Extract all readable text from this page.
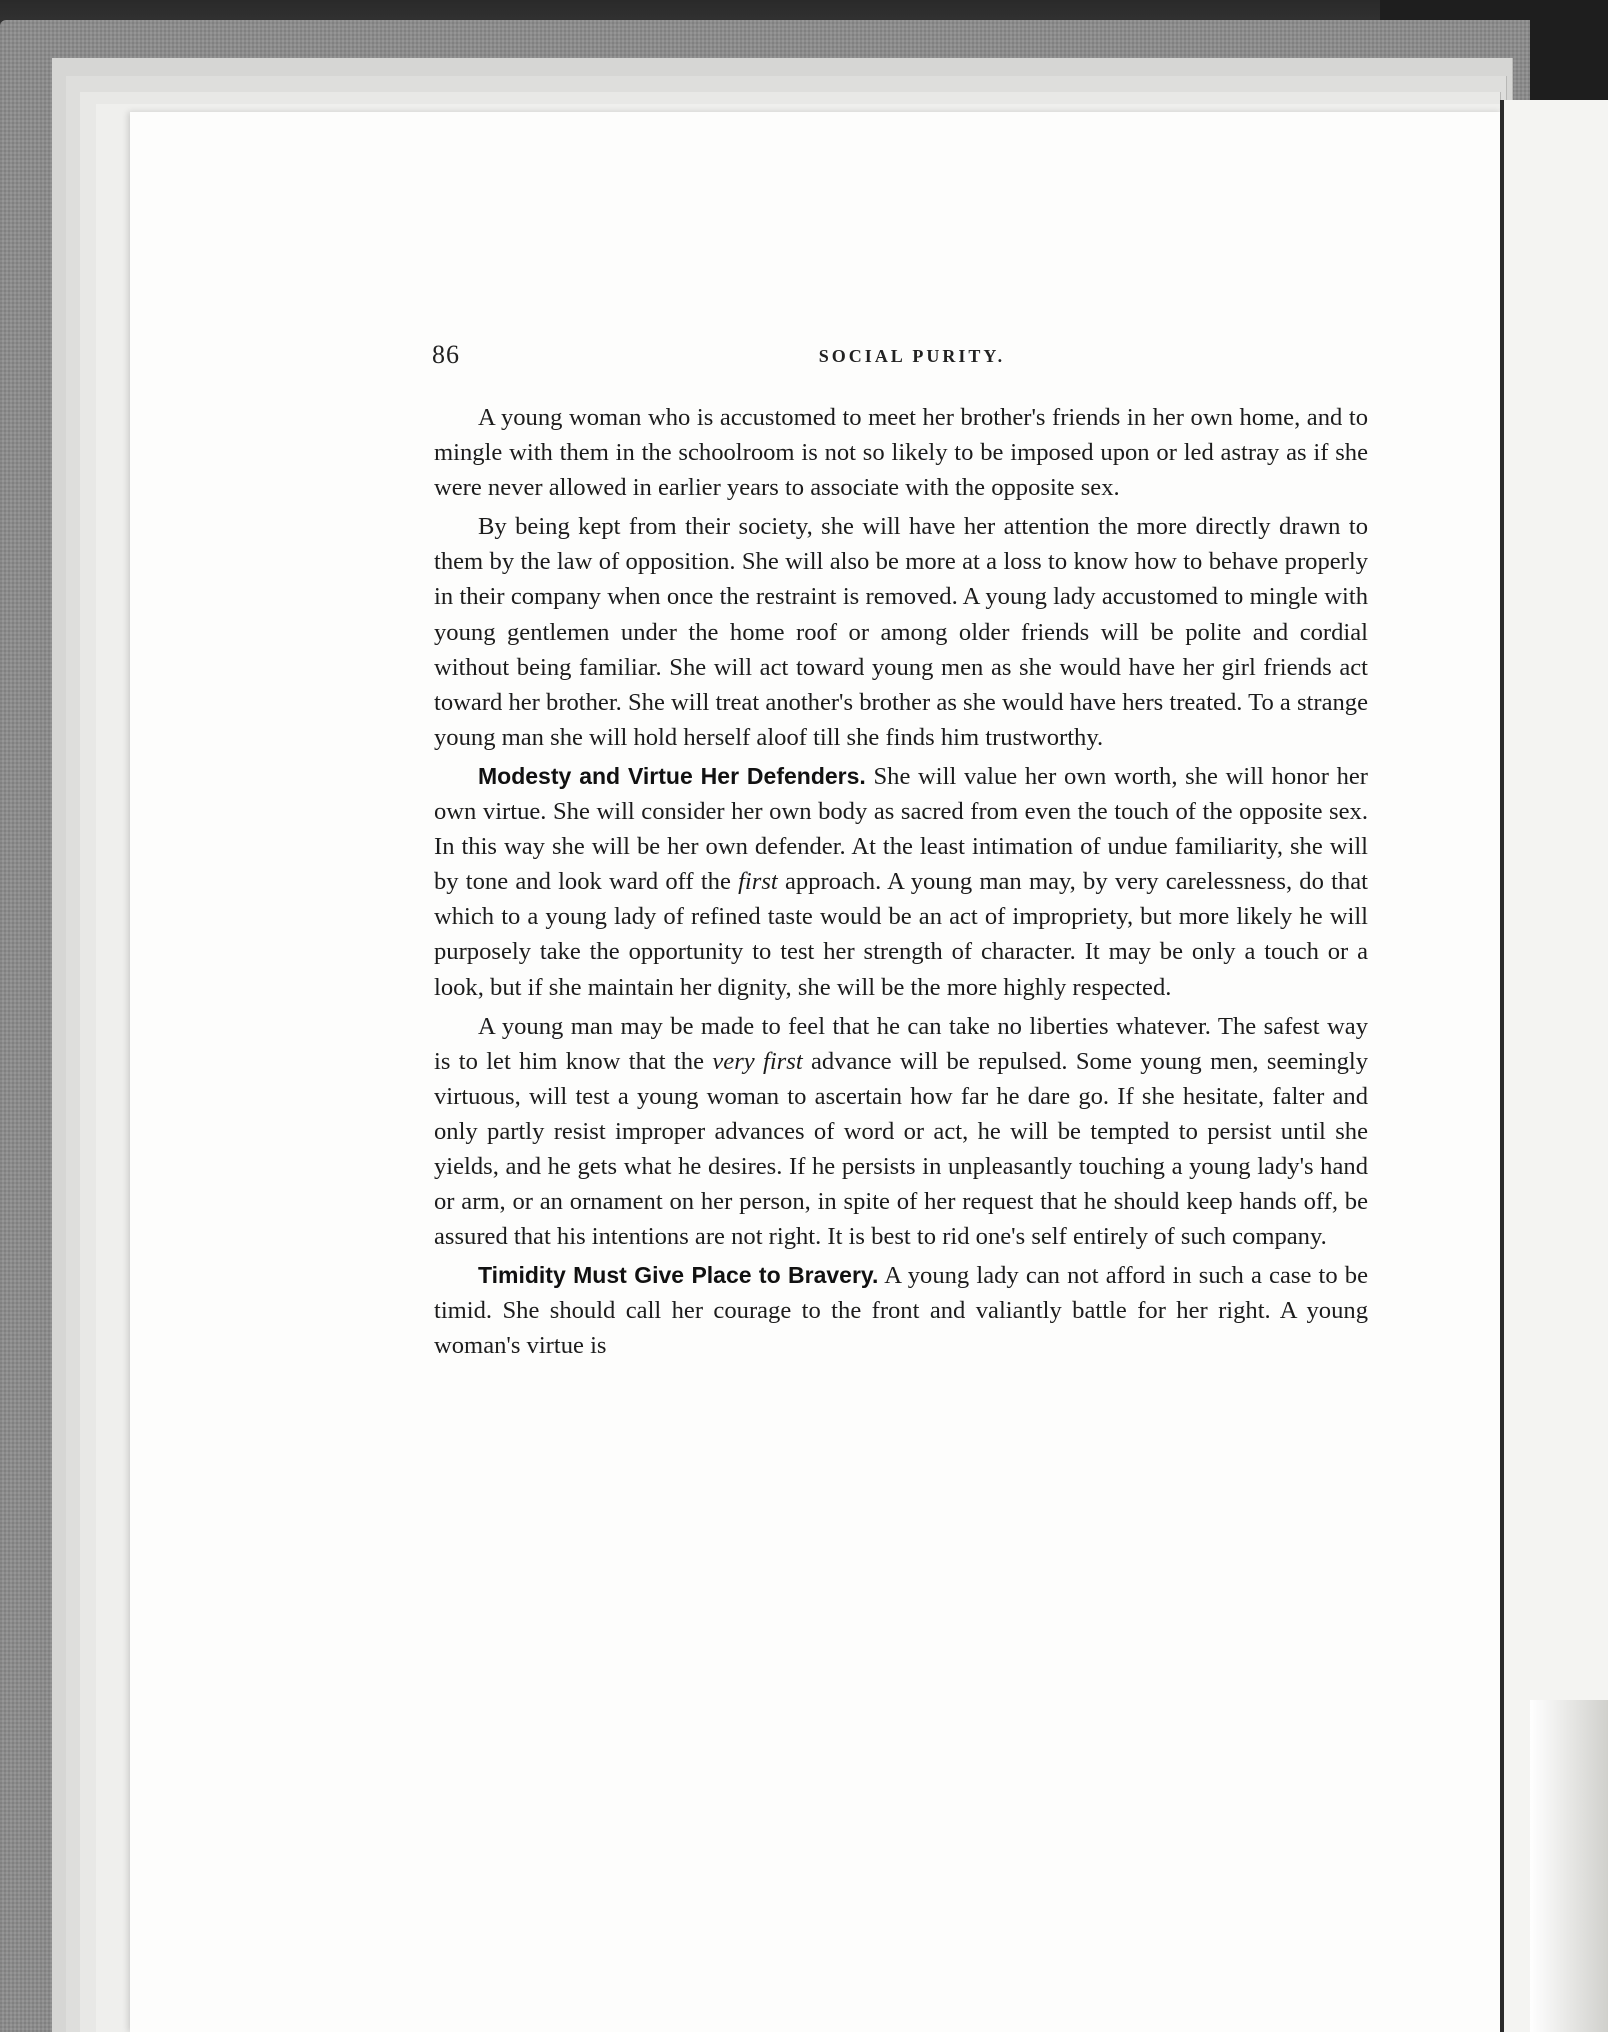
86	SOCIAL PURITY.

A young woman who is accustomed to meet her brother's friends in her own home, and to mingle with them in the schoolroom is not so likely to be imposed upon or led astray as if she were never allowed in earlier years to associate with the opposite sex.

By being kept from their society, she will have her attention the more directly drawn to them by the law of opposition. She will also be more at a loss to know how to behave properly in their company when once the restraint is removed. A young lady accustomed to mingle with young gentlemen under the home roof or among older friends will be polite and cordial without being familiar. She will act toward young men as she would have her girl friends act toward her brother. She will treat another's brother as she would have hers treated. To a strange young man she will hold herself aloof till she finds him trustworthy.

Modesty and Virtue Her Defenders. She will value her own worth, she will honor her own virtue. She will consider her own body as sacred from even the touch of the opposite sex. In this way she will be her own defender. At the least intimation of undue familiarity, she will by tone and look ward off the first approach. A young man may, by very carelessness, do that which to a young lady of refined taste would be an act of impropriety, but more likely he will purposely take the opportunity to test her strength of character. It may be only a touch or a look, but if she maintain her dignity, she will be the more highly respected.

A young man may be made to feel that he can take no liberties whatever. The safest way is to let him know that the very first advance will be repulsed. Some young men, seemingly virtuous, will test a young woman to ascertain how far he dare go. If she hesitate, falter and only partly resist improper advances of word or act, he will be tempted to persist until she yields, and he gets what he desires. If he persists in unpleasantly touching a young lady's hand or arm, or an ornament on her person, in spite of her request that he should keep hands off, be assured that his intentions are not right. It is best to rid one's self entirely of such company.

Timidity Must Give Place to Bravery. A young lady can not afford in such a case to be timid. She should call her courage to the front and valiantly battle for her right. A young woman's virtue is
